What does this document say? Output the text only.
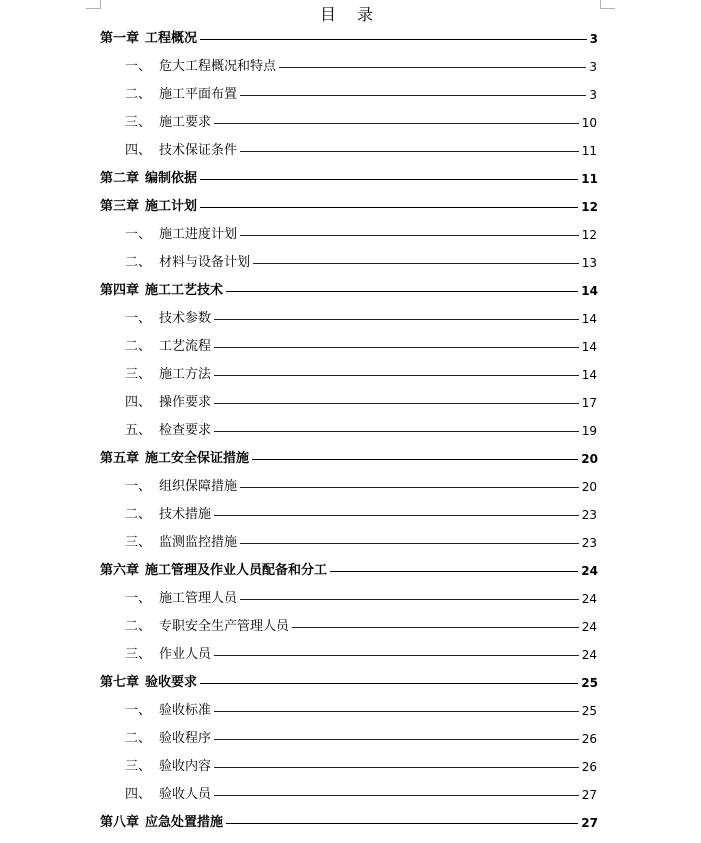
目 录
第一章 工程概况	3
一、 危大工程概况和特点	3
二、 施工平面布置	3
三、 施工要求	10
四、 技术保证条件	11
第二章 编制依据	11
第三章 施工计划	12
一、 施工进度计划	12
二、 材料与设备计划	13
第四章 施工工艺技术	14
一、 技术参数	14
二、 工艺流程	14
三、 施工方法	14
四、 操作要求	17
五、 检查要求	19
第五章 施工安全保证措施	20
一、 组织保障措施	20
二、 技术措施	23
三、 监测监控措施	23
第六章 施工管理及作业人员配备和分工	24
一、 施工管理人员	24
二、 专职安全生产管理人员	24
三、 作业人员	24
第七章 验收要求	25
一、 验收标准	25
二、 验收程序	26
三、 验收内容	26
四、 验收人员	27
第八章 应急处置措施	27
